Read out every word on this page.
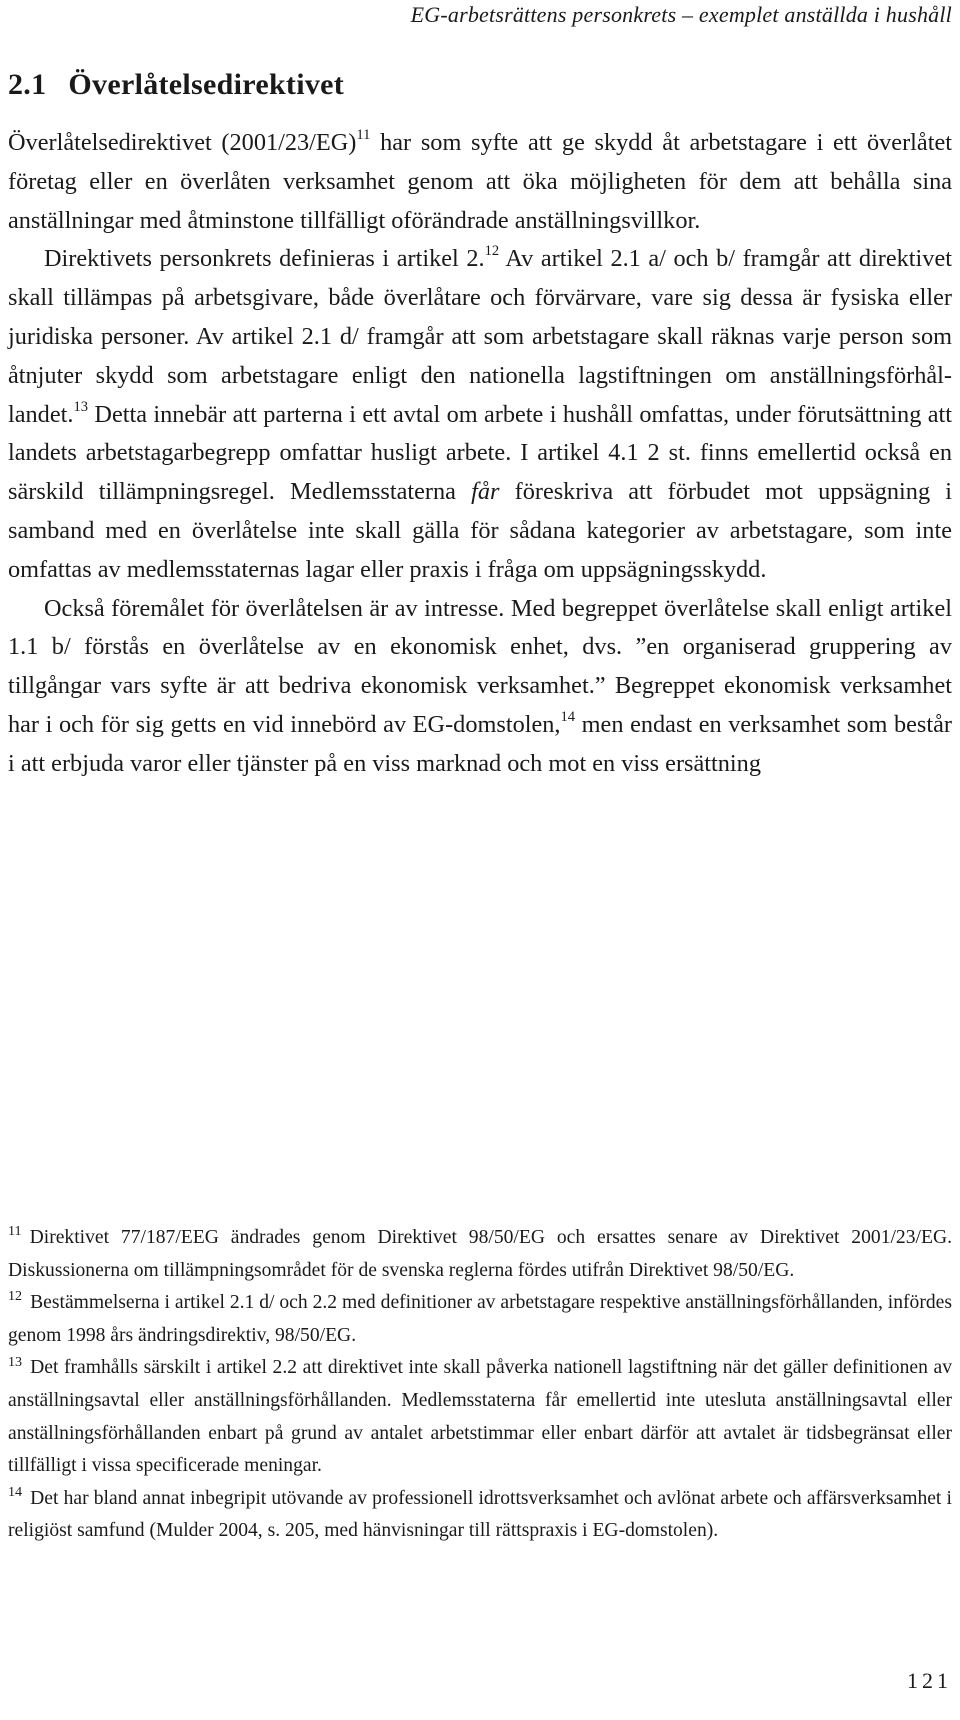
EG-arbetsrättens personkrets – exemplet anställda i hushåll
2.1 Överlåtelsedirektivet

Överlåtelsedirektivet $(2001/23/EG)^{11}$ har som syfte att ge skydd åt arbetstagare i ett överlåtet företag eller en överlåten verksamhet genom att öka möjligheten för dem att behålla sina anställningar med åtminstone tillfälligt oförändrade anställningsvillkor.

Direktivets personkrets definieras i artikel 2.12 Av artikel 2.1 a/ och b/ framgår att direktivet skall tillämpas på arbetsgivare, både överlåtare och förvärvare, vare sig dessa är fysiska eller juridiska personer. Av artikel 2.1 d/ framgår att som arbetstagare skall räknas varje person som åtnjuter skydd som arbetstagare enligt den nationella lagstiftningen om anställningsförhållandet.$^{13}$ Detta innebär att parterna i ett avtal om arbete i hushåll omfattas, under förutsättning att landets arbetstagarbegrepp omfattar husligt arbete. I artikel 4.1 2 st. finns emellertid också en särskild tillämpningsregel. Medlemsstaterna får föreskriva att förbudet mot uppsägning i samband med en överlåtelse inte skall gälla för sådana kategorier av arbetstagare, som inte omfattas av medlemsstaternas lagar eller praxis i fråga om uppsägningsskydd.

Också föremålet för överlåtelsen är av intresse. Med begreppet överlåtelse skall enligt artikel 1.1 b/ förstås en överlåtelse av en ekonomisk enhet, dvs. ”en organiserad gruppering av tillgångar vars syfte är att bedriva ekonomisk verksamhet.” Begreppet ekonomisk verksamhet har i och för sig getts en vid innebörd av EG-domstolen,$^{14}$ men endast en verksamhet som består i att erbjuda varor eller tjänster på en viss marknad och mot en viss ersättning

$^{11}$ Direktivet 77/187/EEG ändrades genom Direktivet 98/50/EG och ersattes senare av Direktivet 2001/23/EG. Diskussionerna om tillämpningsområdet för de svenska reglerna fördes utifrån Direktivet 98/50/EG.

$^{12}$ Bestämmelserna i artikel 2.1 d/ och 2.2 med definitioner av arbetstagare respektive anställningsförhållanden, infördes genom 1998 års ändringsdirektiv, 98/50/EG.

$^{13}$ Det framhålls särskilt i artikel 2.2 att direktivet inte skall påverka nationell lagstiftning när det gäller definitionen av anställningsavtal eller anställningsförhållanden. Medlemsstaterna får emellertid inte utesluta anställningsavtal eller anställningsförhållanden enbart på grund av antalet arbetstimmar eller enbart därför att avtalet är tidsbegränsat eller tillfälligt i vissa specificerade meningar.

$^{14}$ Det har bland annat inbegripit utövande av professionell idrottsverksamhet och avlönat arbete och affärsverksamhet i religiöst samfund (Mulder 2004, s. 205, med hänvisningar till rättspraxis i EG-domstolen).

121
